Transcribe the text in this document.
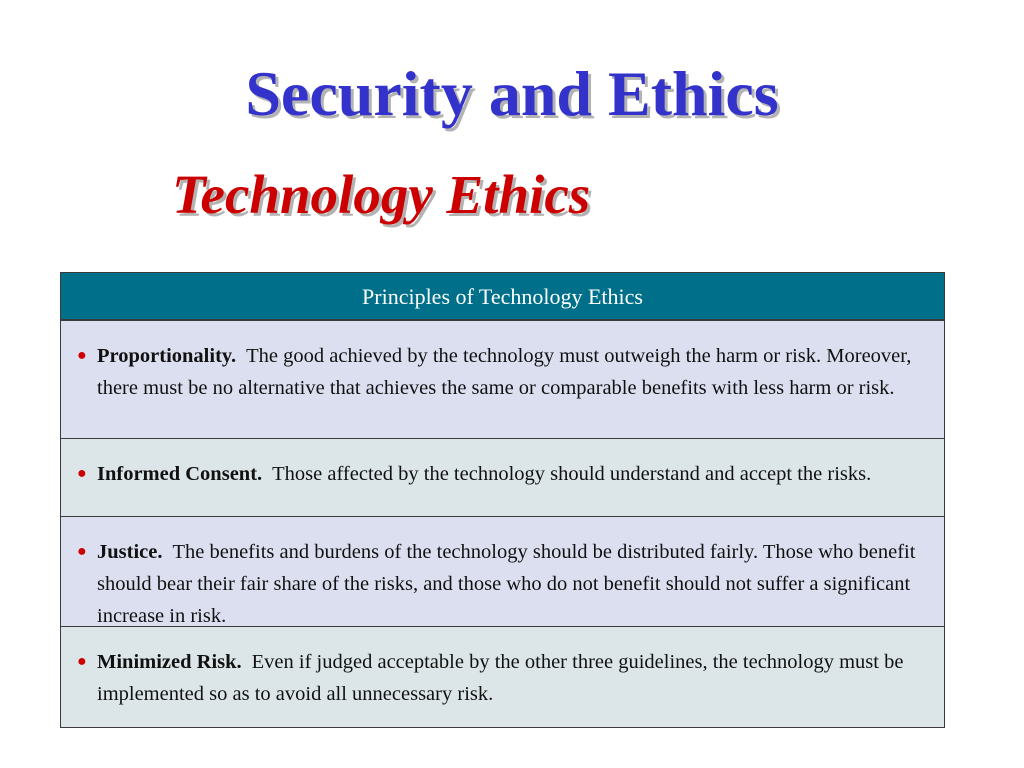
Security and Ethics
Technology Ethics
Principles of Technology Ethics
● Proportionality. The good achieved by the technology must outweigh the harm or risk. Moreover, there must be no alternative that achieves the same or comparable benefits with less harm or risk.
● Informed Consent. Those affected by the technology should understand and accept the risks.
● Justice. The benefits and burdens of the technology should be distributed fairly. Those who benefit should bear their fair share of the risks, and those who do not benefit should not suffer a significant increase in risk.
● Minimized Risk. Even if judged acceptable by the other three guidelines, the technology must be implemented so as to avoid all unnecessary risk.
